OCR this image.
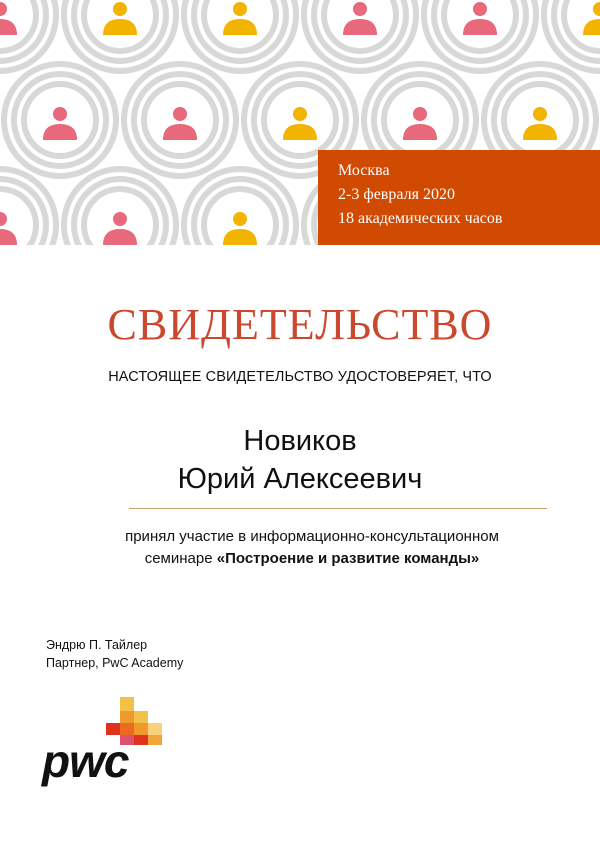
Москва
2-3 февраля 2020
18 академических часов
СВИДЕТЕЛЬСТВО
НАСТОЯЩЕЕ СВИДЕТЕЛЬСТВО УДОСТОВЕРЯЕТ, ЧТО
Новиков
Юрий Алексеевич
принял участие в информационно-консультационном
семинаре «Построение и развитие команды»
Эндрю П. Тайлер
Партнер, PwC Academy
pwc
